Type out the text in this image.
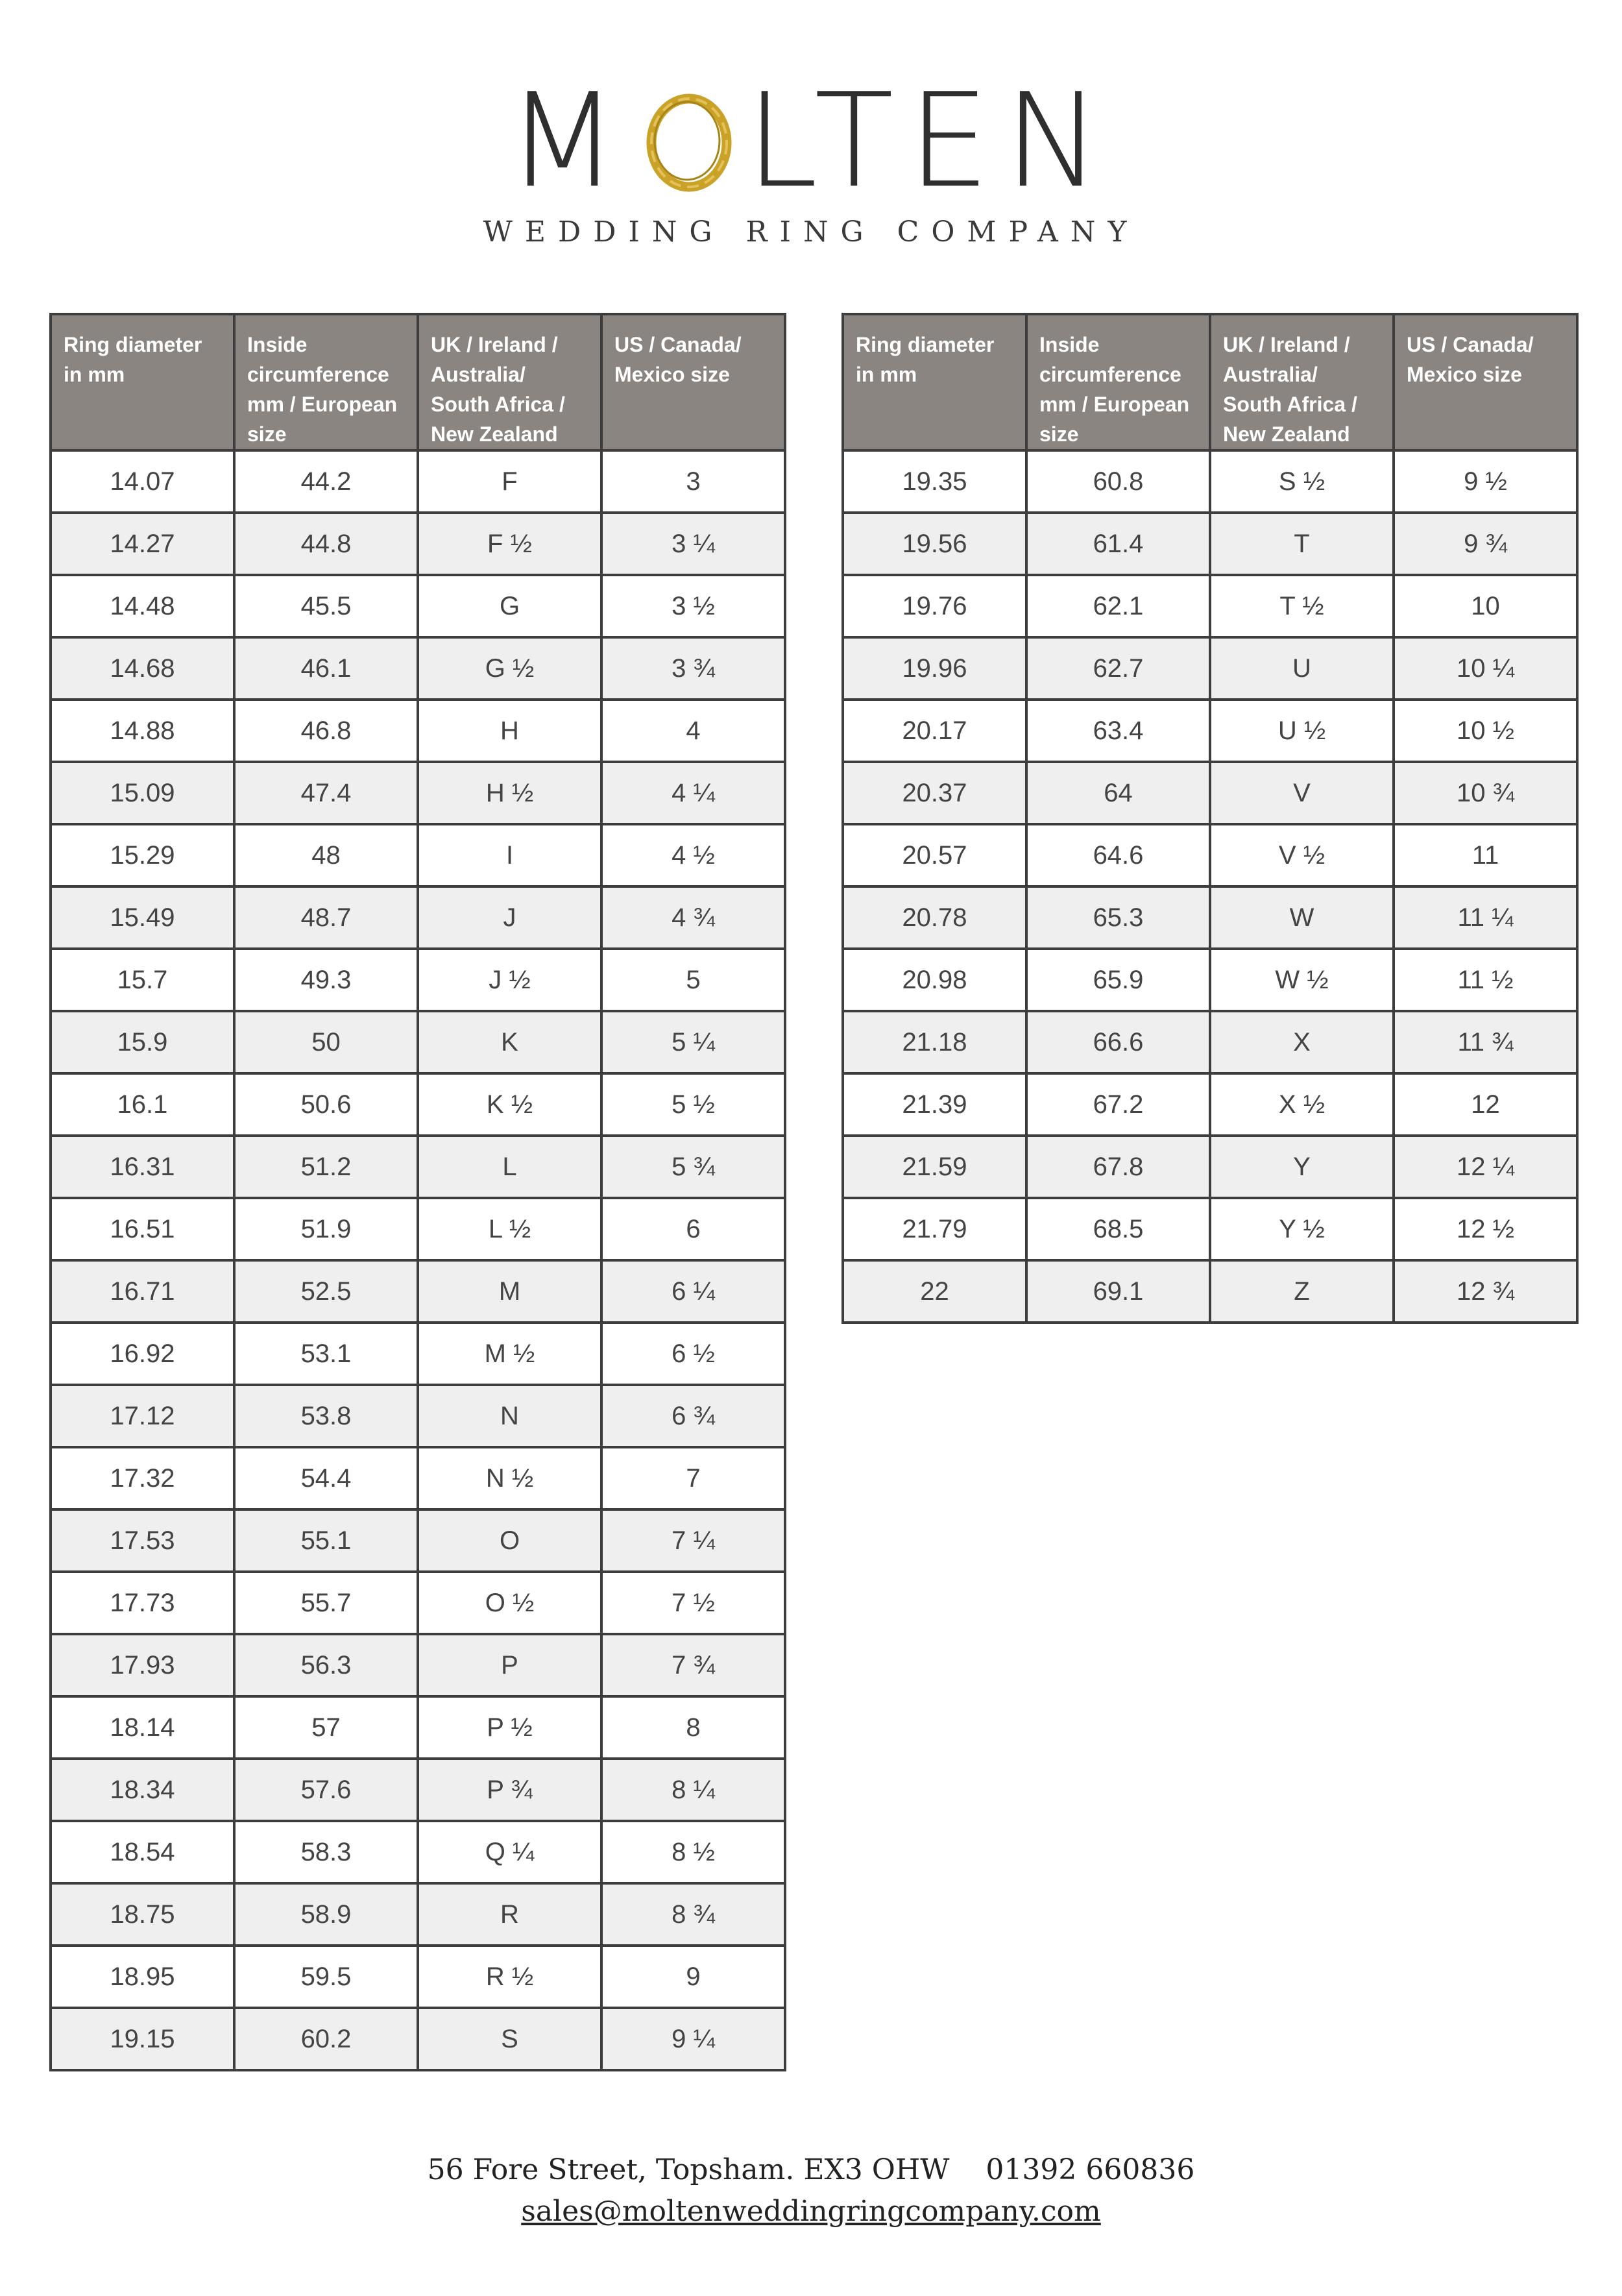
M LTEN
WEDDING RING COMPANY
Ring diameter in mm	Inside circumference mm / European size	UK / Ireland / Australia/ South Africa / New Zealand	US / Canada/ Mexico size
14.07	44.2	F	3
14.27	44.8	F ½	3 ¼
14.48	45.5	G	3 ½
14.68	46.1	G ½	3 ¾
14.88	46.8	H	4
15.09	47.4	H ½	4 ¼
15.29	48	I	4 ½
15.49	48.7	J	4 ¾
15.7	49.3	J ½	5
15.9	50	K	5 ¼
16.1	50.6	K ½	5 ½
16.31	51.2	L	5 ¾
16.51	51.9	L ½	6
16.71	52.5	M	6 ¼
16.92	53.1	M ½	6 ½
17.12	53.8	N	6 ¾
17.32	54.4	N ½	7
17.53	55.1	O	7 ¼
17.73	55.7	O ½	7 ½
17.93	56.3	P	7 ¾
18.14	57	P ½	8
18.34	57.6	P ¾	8 ¼
18.54	58.3	Q ¼	8 ½
18.75	58.9	R	8 ¾
18.95	59.5	R ½	9
19.15	60.2	S	9 ¼
Ring diameter in mm	Inside circumference mm / European size	UK / Ireland / Australia/ South Africa / New Zealand	US / Canada/ Mexico size
19.35	60.8	S ½	9 ½
19.56	61.4	T	9 ¾
19.76	62.1	T ½	10
19.96	62.7	U	10 ¼
20.17	63.4	U ½	10 ½
20.37	64	V	10 ¾
20.57	64.6	V ½	11
20.78	65.3	W	11 ¼
20.98	65.9	W ½	11 ½
21.18	66.6	X	11 ¾
21.39	67.2	X ½	12
21.59	67.8	Y	12 ¼
21.79	68.5	Y ½	12 ½
22	69.1	Z	12 ¾
56 Fore Street, Topsham. EX3 OHW 01392 660836
sales@moltenweddingringcompany.com
